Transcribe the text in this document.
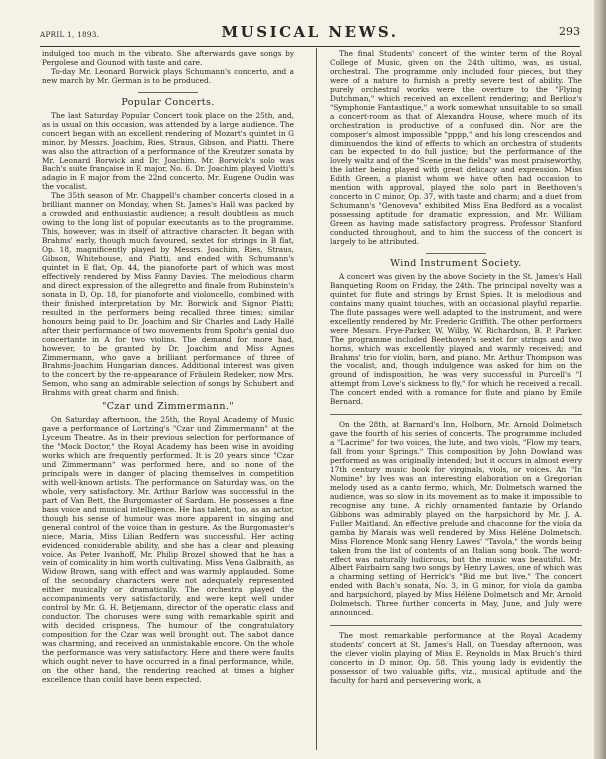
APRIL 1, 1893.	MUSICAL NEWS.	293

indulged too much in the vibrato. She afterwards gave songs by Pergolese and Gounod with taste and care.

To-day Mr. Leonard Borwick plays Schumann's concerto, and a new march by Mr. German is to be produced.

Popular Concerts.

The last Saturday Popular Concert took place on the 25th, and, as is usual on this occasion, was attended by a large audience. The concert began with an excellent rendering of Mozart's quintet in G minor, by Messrs. Joachim, Ries, Straus, Gibson, and Piatti. There was also the attraction of a performance of the Kreutzer sonata by Mr. Leonard Borwick and Dr. Joachim. Mr. Borwick's solo was Bach's suite française in E major, No. 6. Dr. Joachim played Viotti's adagio in E major from the 22nd concerto. Mr. Eugene Oudin was the vocalist.

The 35th season of Mr. Chappell's chamber concerts closed in a brilliant manner on Monday, when St. James's Hall was packed by a crowded and enthusiastic audience; a result doubtless as much owing to the long list of popular executants as to the programme. This, however, was in itself of attractive character. It began with Brahms' early, though much favoured, sextet for strings in B flat, Op. 18, magnificently played by Messrs. Joachim, Ries, Straus, Gibson, Whitehouse, and Piatti, and ended with Schumann's quintet in E flat, Op. 44, the pianoforte part of which was most effectively rendered by Miss Fanny Davies. The melodious charm and direct expression of the allegretto and finale from Rubinstein's sonata in D, Op. 18, for pianoforte and violoncello, combined with their finished interpretation by Mr. Borwick and Signor Piatti; resulted in the performers being recalled three times; similar honours being paid to Dr. Joachim and Sir Charles and Lady Hallé after their performance of two movements from Spohr's genial duo concertante in A for two violins. The demand for more had, however, to be granted by Dr. Joachim and Miss Agnes Zimmermann, who gave a brilliant performance of three of Brahms-Joachim Hungarian dances. Additional interest was given to the concert by the re-appearance of Fräulein Redeker, now Mrs. Semon, who sang an admirable selection of songs by Schubert and Brahms with great charm and finish.

"Czar und Zimmermann."

On Saturday afternoon, the 25th, the Royal Academy of Music gave a performance of Lortzing's "Czar und Zimmermann" at the Lyceum Theatre. As in their previous selection for performance of the "Mock Doctor," the Royal Academy has been wise in avoiding works which are frequently performed. It is 20 years since "Czar und Zimmermann" was performed here, and so none of the principals were in danger of placing themselves in competition with well-known artists. The performance on Saturday was, on the whole, very satisfactory. Mr. Arthur Barlow was successful in the part of Van Bett, the Burgomaster of Sardam. He possesses a fine bass voice and musical intelligence. He has talent, too, as an actor, though his sense of humour was more apparent in singing and general control of the voice than in gesture. As the Burgomaster's niece, Maria, Miss Lilian Redfern was successful. Her acting evidenced considerable ability, and she has a clear and pleasing voice. As Peter Ivanhoff, Mr. Philip Brozel showed that he has a vein of comicality in him worth cultivating. Miss Vena Galbraith, as Widow Brown, sang with effect and was warmly applauded. Some of the secondary characters were not adequately represented either musically or dramatically. The orchestra played the accompaniments very satisfactorily, and were kept well under control by Mr. G. H. Betjemann, director of the operatic class and conductor. The choruses were sung with remarkable spirit and with decided crispness. The humour of the congratulatory composition for the Czar was well brought out. The sabot dance was charming, and received an unmistakable encore. On the whole the performance was very satisfactory. Here and there were faults which ought never to have occurred in a final performance, while, on the other hand, the rendering reached at times a higher excellence than could have been expected.

The final Students' concert of the winter term of the Royal College of Music, given on the 24th ultimo, was, as usual, orchestral. The programme only included four pieces, but they were of a nature to furnish a pretty severe test of ability. The purely orchestral works were the overture to the "Flying Dutchman," which received an excellent rendering; and Berlioz's "Symphonie Fantastique," a work somewhat unsuitable to so small a concert-room as that of Alexandra House, where much of its orchestration is productive of a confused din. Nor are the composer's almost impossible "pppp," and his long crescendos and diminuendos the kind of effects to which an orchestra of students can be expected to do full justice; but the performance of the lovely waltz and of the "Scene in the fields" was most praiseworthy, the latter being played with great delicacy and expression. Miss Edith Green, a pianist whom we have often had occasion to mention with approval, played the solo part in Beethoven's concerto in C minor, Op. 37, with taste and charm; and a duet from Schumann's "Genoveva" exhibited Miss Ena Bedford as a vocalist possessing aptitude for dramatic expression, and Mr. William Green as having made satisfactory progress. Professor Stanford conducted throughout, and to him the success of the concert is largely to be attributed.

Wind Instrument Society.

A concert was given by the above Society in the St. James's Hall Banqueting Room on Friday, the 24th. The principal novelty was a quintet for flute and strings by Ernst Spies. It is melodious and contains many quaint touches, with an occasional playful reparlie. The flute passages were well adapted to the instrument, and were excellently rendered by Mr. Frederic Griffith. The other performers were Messrs. Frye-Parker, W. Wilby, W. Richardson, B. P. Parker. The programme included Beethoven's sextet for strings and two horns, which was excellently played and warmly received; and Brahms' trio for violin, horn, and piano. Mr. Arthur Thompson was the vocalist, and, though indulgence was asked for him on the ground of indisposition, he was very successful in Purcell's "I attempt from Love's sickness to fly," for which he received a recall. The concert ended with a romance for flute and piano by Emile Bernard.

On the 28th, at Barnard's Inn, Holborn, Mr. Arnold Dolmetsch gave the fourth of his series of concerts. The programme included a "Lacrime" for two voices, the lute, and two viols, "Flow my tears, fall from your Springs." This composition by John Dowland was performed as was originally intended; but it occurs in almost every 17th century music book for virginals, viols, or voices. An "In Nomine" by Ives was an interesting elaboration on a Gregorian melody used as a canto fermo, which, Mr. Dolmetsch warned the audience, was so slow in its movement as to make it impossible to recognise any tune. A richly ornamented fantazie by Orlando Gibbons was admirably played on the harpsichord by Mr. J. A. Fuller Maitland. An effective prelude and chaconne for the viola da gamba by Marais was well rendered by Miss Hélène Dolmetsch. Miss Florence Monk sang Henry Lawes' "Tavola," the words being taken from the list of contents of an Italian song book. The word-effect was naturally ludicrous, but the music was beautiful. Mr. Albert Fairbairn sang two songs by Henry Lawes, one of which was a charming setting of Herrick's "Bid me but live." The concert ended with Bach's sonata, No. 3, in G minor, for viola da gamba and harpsichord, played by Miss Hélène Dolmetsch and Mr. Arnold Dolmetsch. Three further concerts in May, June, and July were announced.

The most remarkable performance at the Royal Academy students' concert at St. James's Hall, on Tuesday afternoon, was the clever violin playing of Miss E. Reynolds in Max Bruch's third concerto in D minor, Op. 58. This young lady is evidently the possessor of two valuable gifts, viz., musical aptitude and the faculty for hard and persevering work, a
